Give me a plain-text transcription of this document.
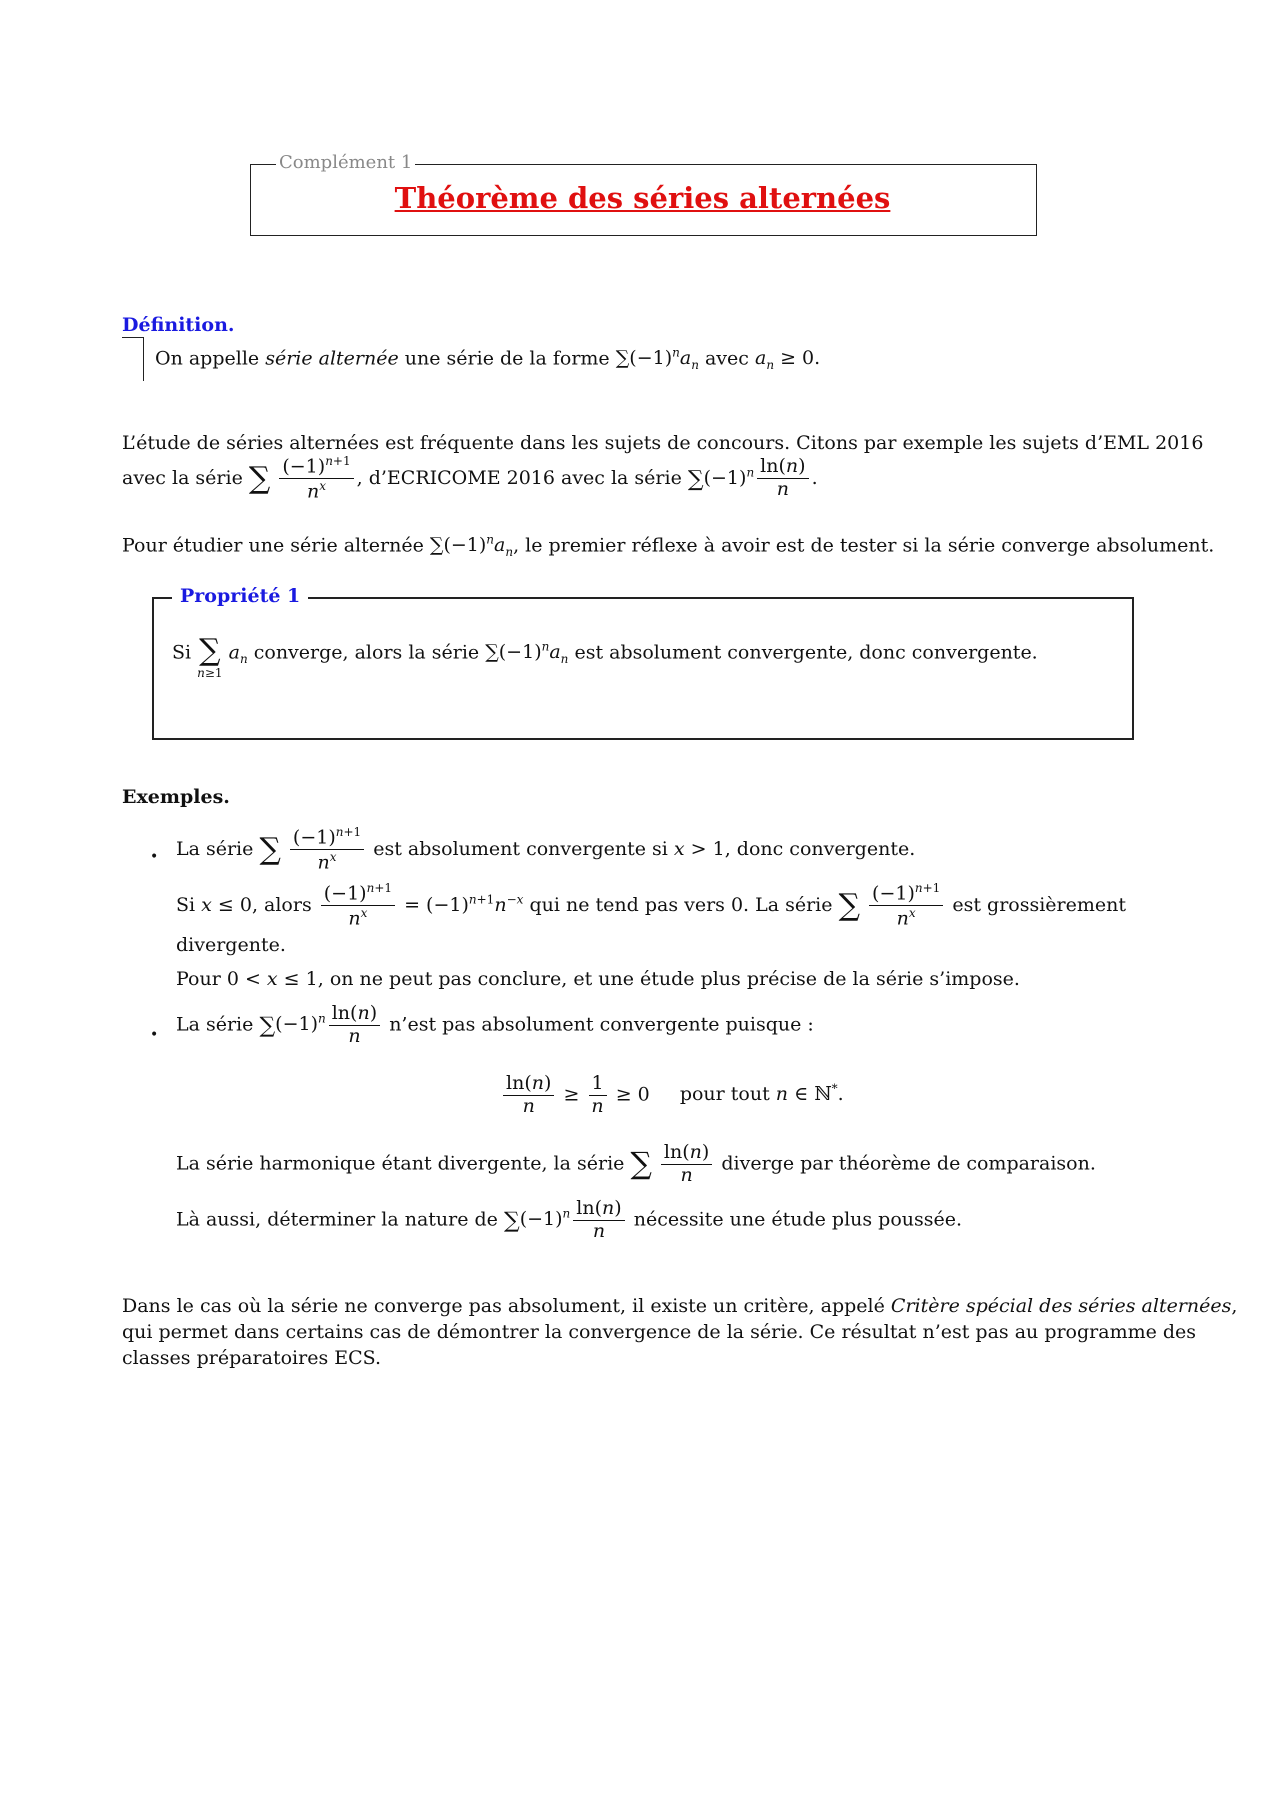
Complément 1
Théorème des séries alternées
Définition.
On appelle série alternée une série de la forme $\sum(-1)^na_n$ avec $a_n \ge 0$.
L’étude de séries alternées est fréquente dans les sujets de concours. Citons par exemple les sujets d’EML 2016
avec la série ∑ $\frac{(-1)^{n+1}}{n^x}$ , d’ECRICOME 2016 avec la série $\sum(-1)^n \frac{\ln(n)}{n}$ .
Pour étudier une série alternée $\sum(-1)^na_n$, le premier réflexe à avoir est de tester si la série converge absolument.
Propriété 1
Si ∑
n≥1
$a_n$ converge, alors la série $\sum(-1)^na_n$ est absolument convergente, donc convergente.
Exemples.
• La série ∑ $\frac{(-1)^{n+1}}{n^x}$ est absolument convergente si x > 1, donc convergente.
Si x ≤ 0, alors $\frac{(-1)^{n+1}}{n^x} = (-1)^{n+1}n^{-x}$ qui ne tend pas vers 0. La série ∑ $\frac{(-1)^{n+1}}{n^x}$ est grossièrement
divergente.
Pour 0 < x ≤ 1, on ne peut pas conclure, et une étude plus précise de la série s’impose.
• La série $\sum(-1)^n \frac{\ln(n)}{n}$ n’est pas absolument convergente puisque :
$\frac{\ln(n)}{n} \ge \frac{1}{n} \ge 0$ pour tout n ∈ ℕ*.
La série harmonique étant divergente, la série ∑ $\frac{\ln(n)}{n}$ diverge par théorème de comparaison.
Là aussi, déterminer la nature de $\sum(-1)^n \frac{\ln(n)}{n}$ nécessite une étude plus poussée.
Dans le cas où la série ne converge pas absolument, il existe un critère, appelé Critère spécial des séries alternées,
qui permet dans certains cas de démontrer la convergence de la série. Ce résultat n’est pas au programme des
classes préparatoires ECS.
